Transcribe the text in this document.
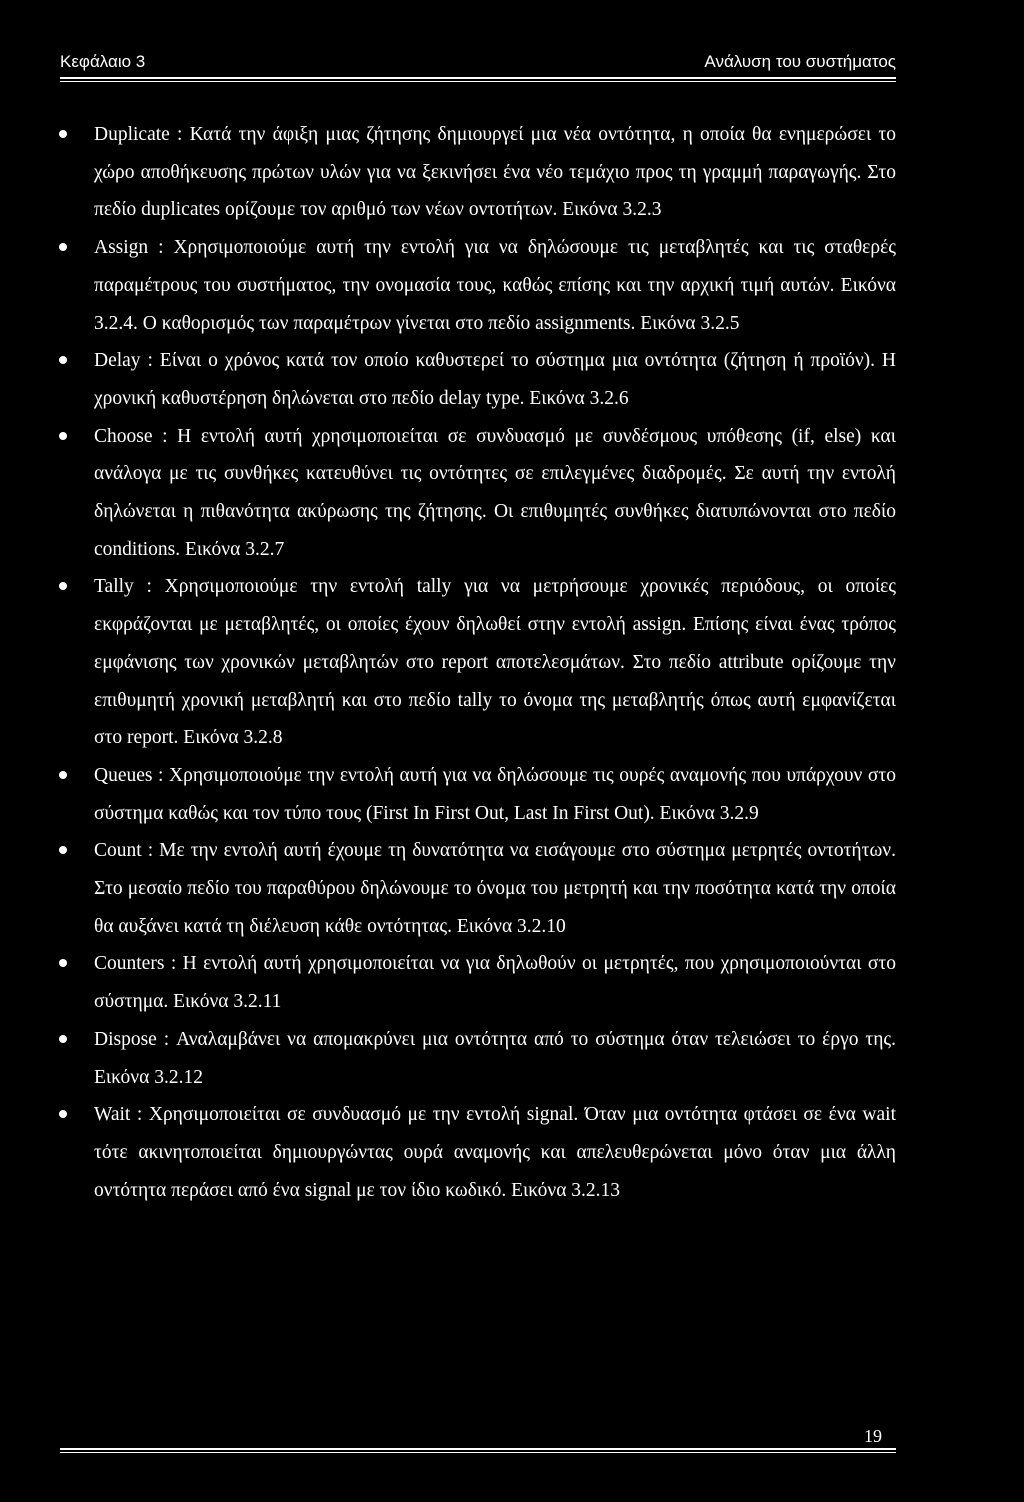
Κεφάλαιο 3	Ανάλυση του συστήματος
Duplicate : Κατά την άφιξη μιας ζήτησης δημιουργεί μια νέα οντότητα, η οποία θα ενημερώσει το χώρο αποθήκευσης πρώτων υλών για να ξεκινήσει ένα νέο τεμάχιο προς τη γραμμή παραγωγής. Στο πεδίο duplicates ορίζουμε τον αριθμό των νέων οντοτήτων. Εικόνα 3.2.3
Assign : Χρησιμοποιούμε αυτή την εντολή για να δηλώσουμε τις μεταβλητές και τις σταθερές παραμέτρους του συστήματος, την ονομασία τους, καθώς επίσης και την αρχική τιμή αυτών. Εικόνα 3.2.4. Ο καθορισμός των παραμέτρων γίνεται στο πεδίο assignments. Εικόνα 3.2.5
Delay : Είναι ο χρόνος κατά τον οποίο καθυστερεί το σύστημα μια οντότητα (ζήτηση ή προϊόν). Η χρονική καθυστέρηση δηλώνεται στο πεδίο delay type. Εικόνα 3.2.6
Choose : Η εντολή αυτή χρησιμοποιείται σε συνδυασμό με συνδέσμους υπόθεσης (if, else) και ανάλογα με τις συνθήκες κατευθύνει τις οντότητες σε επιλεγμένες διαδρομές. Σε αυτή την εντολή δηλώνεται η πιθανότητα ακύρωσης της ζήτησης. Οι επιθυμητές συνθήκες διατυπώνονται στο πεδίο conditions. Εικόνα 3.2.7
Tally : Χρησιμοποιούμε την εντολή tally για να μετρήσουμε χρονικές περιόδους, οι οποίες εκφράζονται με μεταβλητές, οι οποίες έχουν δηλωθεί στην εντολή assign. Επίσης είναι ένας τρόπος εμφάνισης των χρονικών μεταβλητών στο report αποτελεσμάτων. Στο πεδίο attribute ορίζουμε την επιθυμητή χρονική μεταβλητή και στο πεδίο tally το όνομα της μεταβλητής όπως αυτή εμφανίζεται στο report. Εικόνα 3.2.8
Queues : Χρησιμοποιούμε την εντολή αυτή για να δηλώσουμε τις ουρές αναμονής που υπάρχουν στο σύστημα καθώς και τον τύπο τους (First In First Out, Last In First Out). Εικόνα 3.2.9
Count : Με την εντολή αυτή έχουμε τη δυνατότητα να εισάγουμε στο σύστημα μετρητές οντοτήτων. Στο μεσαίο πεδίο του παραθύρου δηλώνουμε το όνομα του μετρητή και την ποσότητα κατά την οποία θα αυξάνει κατά τη διέλευση κάθε οντότητας. Εικόνα 3.2.10
Counters : Η εντολή αυτή χρησιμοποιείται να για δηλωθούν οι μετρητές, που χρησιμοποιούνται στο σύστημα. Εικόνα 3.2.11
Dispose : Αναλαμβάνει να απομακρύνει μια οντότητα από το σύστημα όταν τελειώσει το έργο της. Εικόνα 3.2.12
Wait : Χρησιμοποιείται σε συνδυασμό με την εντολή signal. Όταν μια οντότητα φτάσει σε ένα wait τότε ακινητοποιείται δημιουργώντας ουρά αναμονής και απελευθερώνεται μόνο όταν μια άλλη οντότητα περάσει από ένα signal με τον ίδιο κωδικό. Εικόνα 3.2.13
19
